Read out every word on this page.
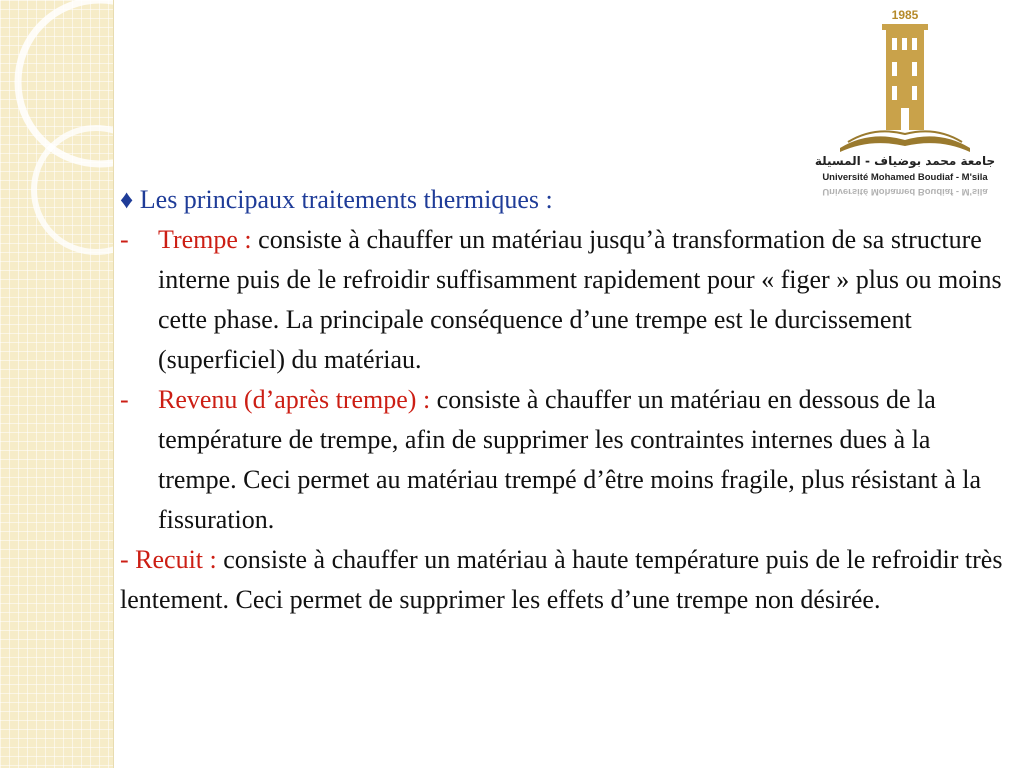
1985
جامعة محمد بوضياف - المسيلة
Université Mohamed Boudiaf - M'sila
Université Mohamed Boudiaf - M'sila
♦ Les principaux traitements thermiques :
- Trempe : consiste à chauffer un matériau jusqu’à transformation de sa structure interne puis de le refroidir suffisamment rapidement pour « figer » plus ou moins cette phase. La principale conséquence d’une trempe est le durcissement (superficiel) du matériau.
- Revenu (d’après trempe) : consiste à chauffer un matériau en dessous de la température de trempe, afin de supprimer les contraintes internes dues à la trempe. Ceci permet au matériau trempé d’être moins fragile, plus résistant à la fissuration.
- Recuit : consiste à chauffer un matériau à haute température puis de le refroidir très lentement. Ceci permet de supprimer les effets d’une trempe non désirée.
